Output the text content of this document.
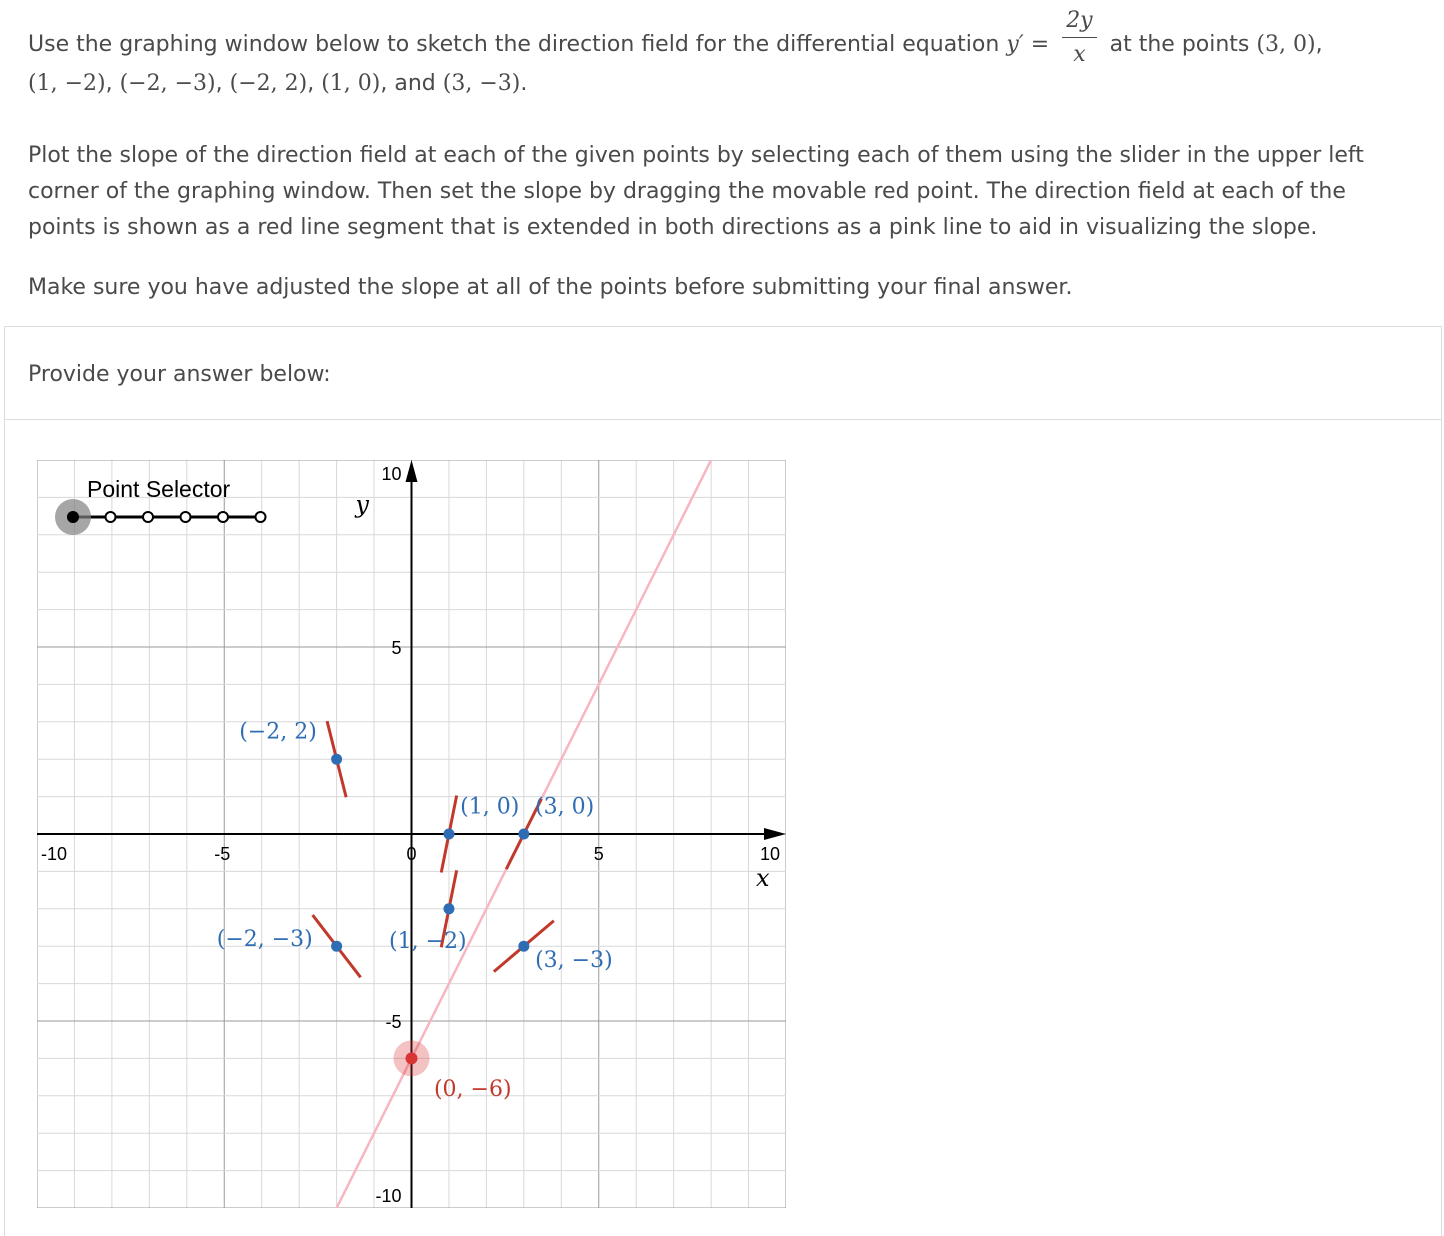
Use the graphing window below to sketch the direction field for the differential equation $y' = \frac{2y}{x}$ at the points (3, 0),
(1, −2), (−2, −3), (−2, 2), (1, 0), and (3, −3).

Plot the slope of the direction field at each of the given points by selecting each of them using the slider in the upper left corner of the graphing window. Then set the slope by dragging the movable red point. The direction field at each of the points is shown as a red line segment that is extended in both directions as a pink line to aid in visualizing the slope.

Make sure you have adjusted the slope at all of the points before submitting your final answer.

Provide your answer below:

-10	-5	0	5	10
10
5
-5
-10
x
y
(−2, 2)
(1, 0) (3, 0)
(1, −2)
(−2, −3)
(3, −3)
(0, −6)
Point Selector
